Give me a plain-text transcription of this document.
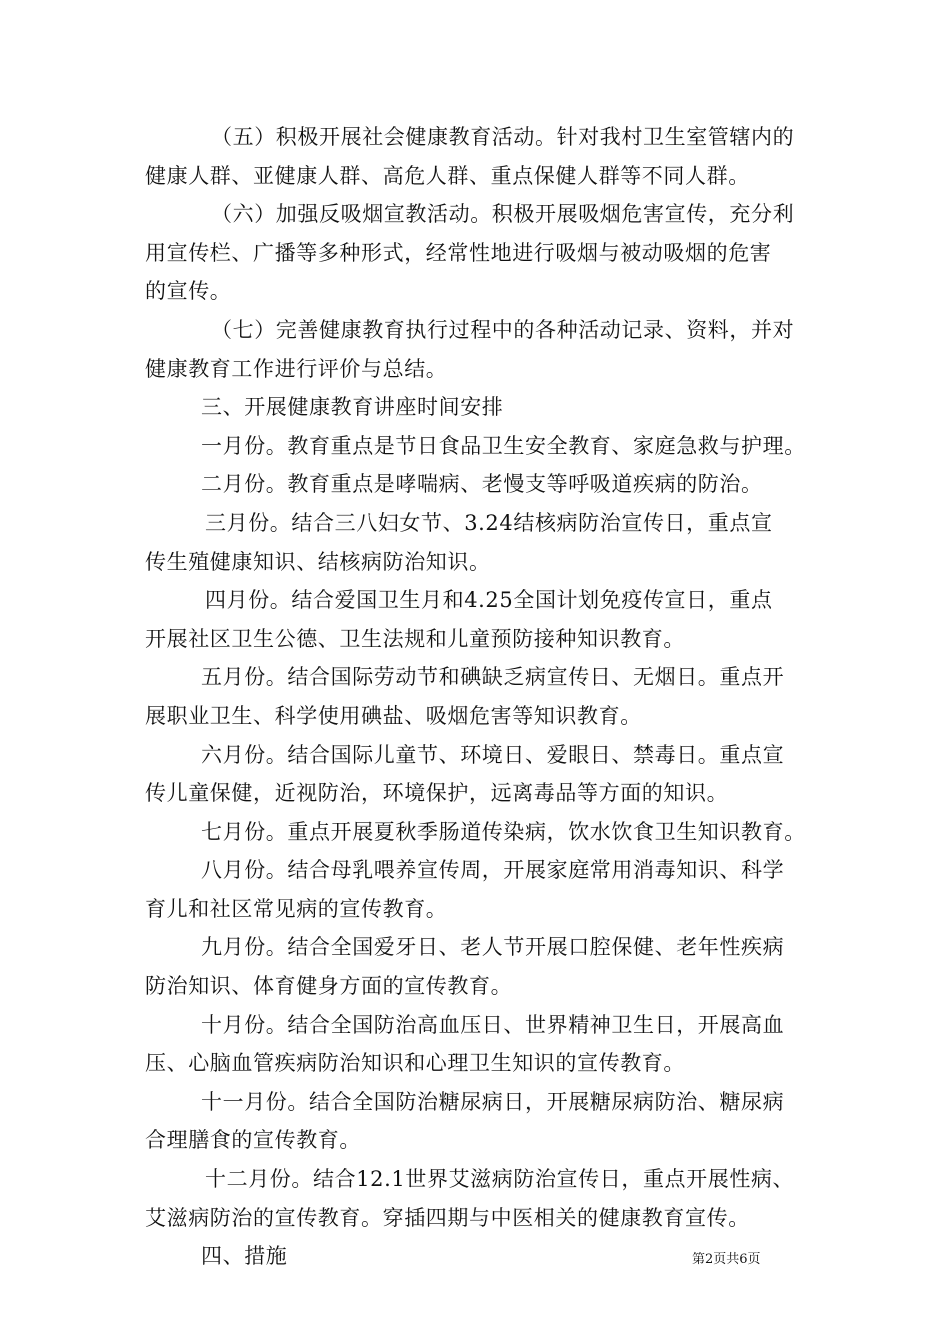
（五）积极开展社会健康教育活动。针对我村卫生室管辖内的
健康人群、亚健康人群、高危人群、重点保健人群等不同人群。
（六）加强反吸烟宣教活动。积极开展吸烟危害宣传，充分利
用宣传栏、广播等多种形式，经常性地进行吸烟与被动吸烟的危害
的宣传。
（七）完善健康教育执行过程中的各种活动记录、资料，并对
健康教育工作进行评价与总结。
三、开展健康教育讲座时间安排
一月份。教育重点是节日食品卫生安全教育、家庭急救与护理。
二月份。教育重点是哮喘病、老慢支等呼吸道疾病的防治。
三月份。结合三八妇女节、3.24结核病防治宣传日，重点宣
传生殖健康知识、结核病防治知识。
四月份。结合爱国卫生月和4.25全国计划免疫传宣日，重点
开展社区卫生公德、卫生法规和儿童预防接种知识教育。
五月份。结合国际劳动节和碘缺乏病宣传日、无烟日。重点开
展职业卫生、科学使用碘盐、吸烟危害等知识教育。
六月份。结合国际儿童节、环境日、爱眼日、禁毒日。重点宣
传儿童保健，近视防治，环境保护，远离毒品等方面的知识。
七月份。重点开展夏秋季肠道传染病，饮水饮食卫生知识教育。
八月份。结合母乳喂养宣传周，开展家庭常用消毒知识、科学
育儿和社区常见病的宣传教育。
九月份。结合全国爱牙日、老人节开展口腔保健、老年性疾病
防治知识、体育健身方面的宣传教育。
十月份。结合全国防治高血压日、世界精神卫生日，开展高血
压、心脑血管疾病防治知识和心理卫生知识的宣传教育。
十一月份。结合全国防治糖尿病日，开展糖尿病防治、糖尿病
合理膳食的宣传教育。
十二月份。结合12.1世界艾滋病防治宣传日，重点开展性病、
艾滋病防治的宣传教育。穿插四期与中医相关的健康教育宣传。
四、措施	第2页共6页
